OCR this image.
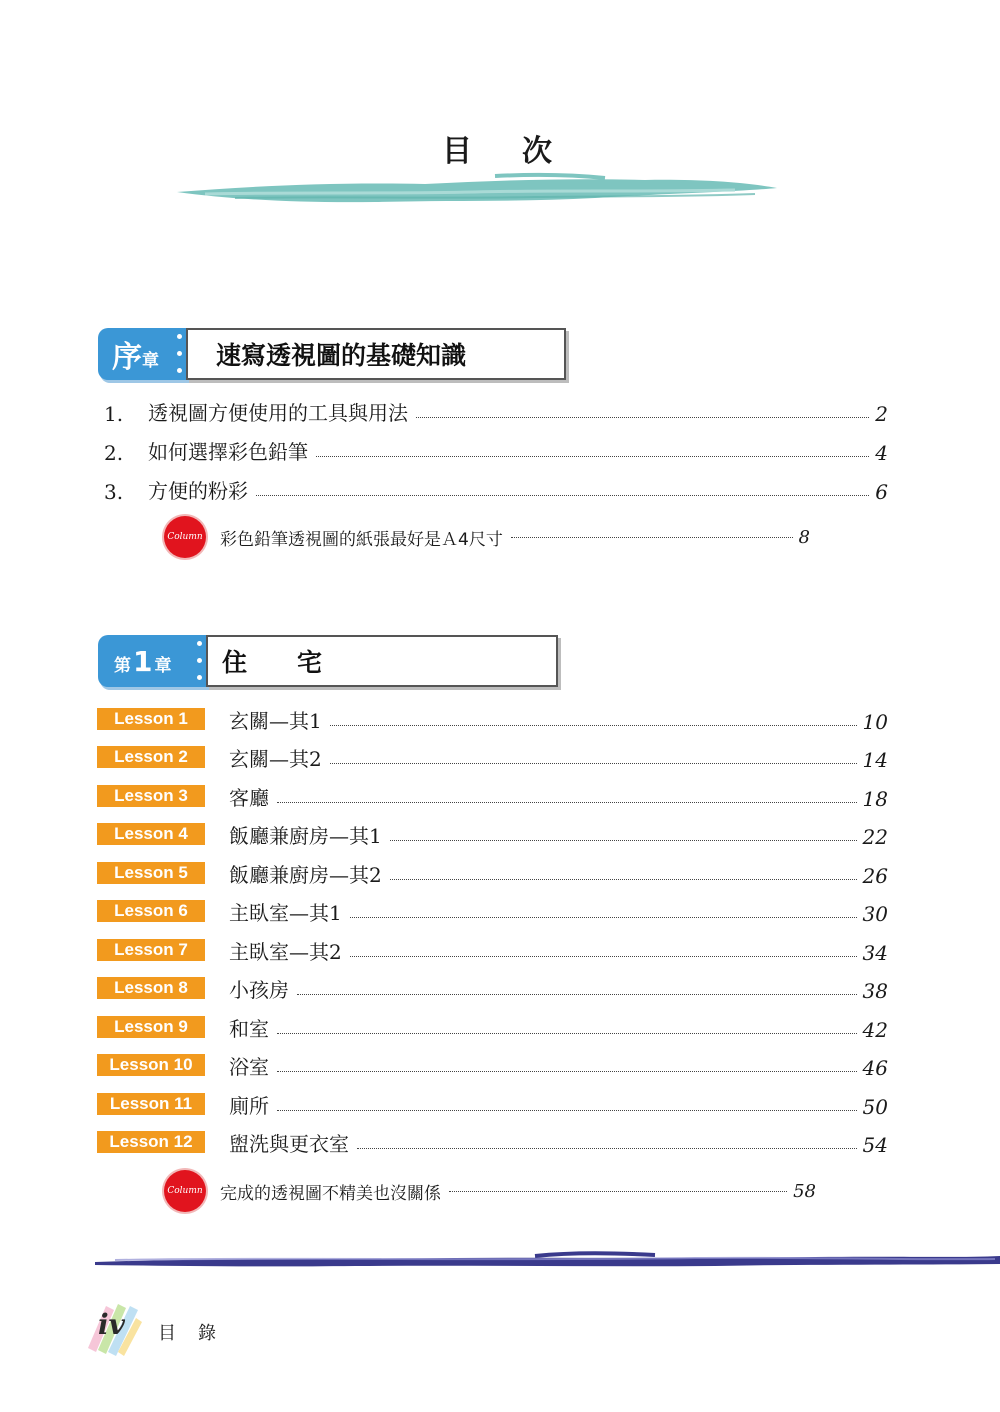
目 次
序 章 速寫透視圖的基礎知識
1.	透視圖方便使用的工具與用法	2
2.	如何選擇彩色鉛筆	4
3.	方便的粉彩	6
Column 彩色鉛筆透視圖的紙張最好是Ａ4尺寸	8
第 1 章 住　　宅
Lesson 1	玄關—其1	10
Lesson 2	玄關—其2	14
Lesson 3	客廳	18
Lesson 4	飯廳兼廚房—其1	22
Lesson 5	飯廳兼廚房—其2	26
Lesson 6	主臥室—其1	30
Lesson 7	主臥室—其2	34
Lesson 8	小孩房	38
Lesson 9	和室	42
Lesson 10	浴室	46
Lesson 11	廁所	50
Lesson 12	盥洗與更衣室	54
Column 完成的透視圖不精美也沒關係	58
iv 目　錄
